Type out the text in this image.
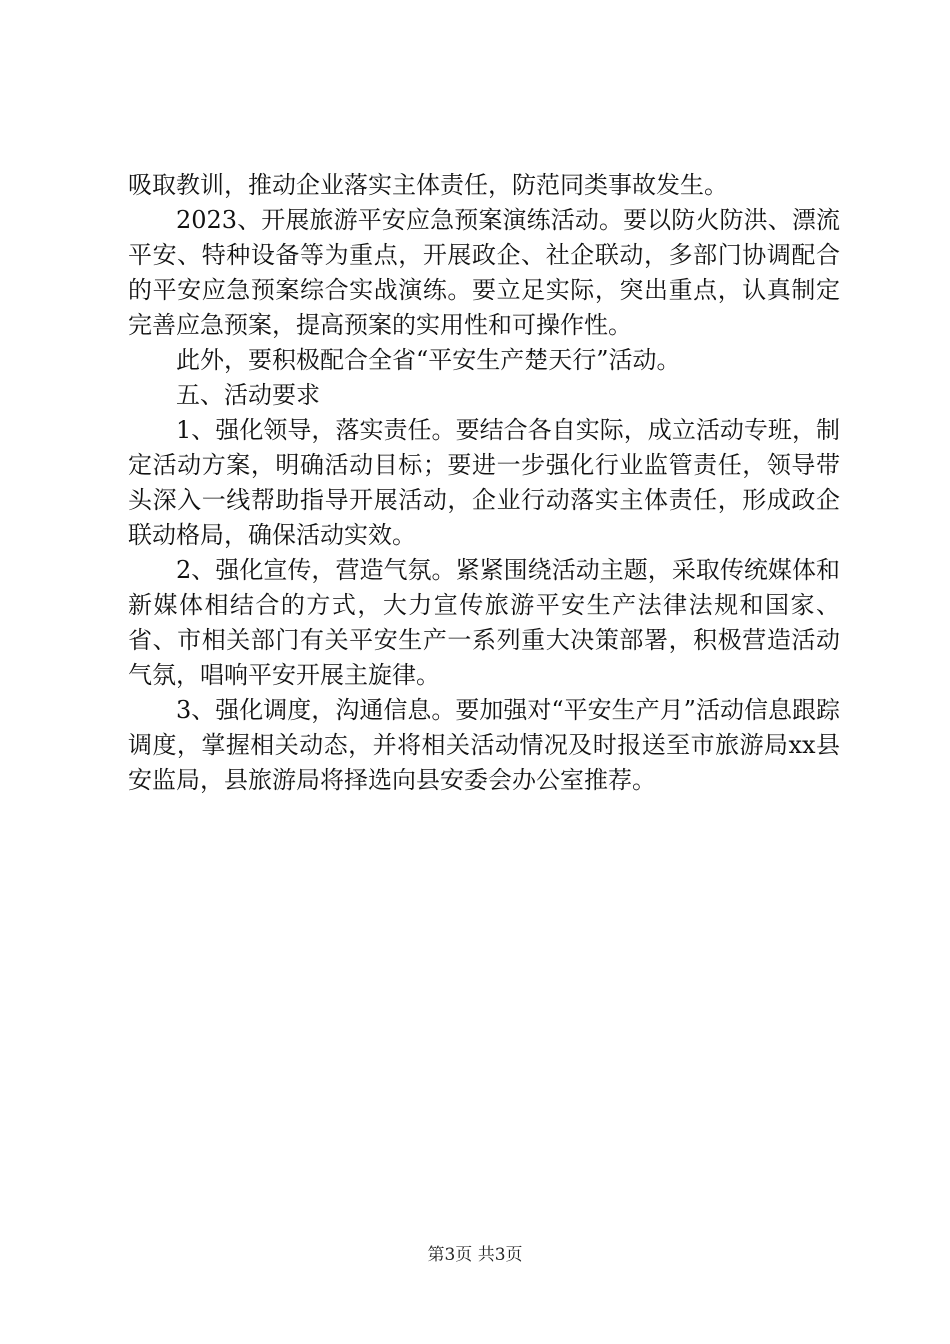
吸取教训，推动企业落实主体责任，防范同类事故发生。

2023、开展旅游平安应急预案演练活动。要以防火防洪、漂流平安、特种设备等为重点，开展政企、社企联动，多部门协调配合的平安应急预案综合实战演练。要立足实际，突出重点，认真制定完善应急预案，提高预案的实用性和可操作性。

此外，要积极配合全省“平安生产楚天行”活动。

五、活动要求

1、强化领导，落实责任。要结合各自实际，成立活动专班，制定活动方案，明确活动目标；要进一步强化行业监管责任，领导带头深入一线帮助指导开展活动，企业行动落实主体责任，形成政企联动格局，确保活动实效。

2、强化宣传，营造气氛。紧紧围绕活动主题，采取传统媒体和新媒体相结合的方式，大力宣传旅游平安生产法律法规和国家、省、市相关部门有关平安生产一系列重大决策部署，积极营造活动气氛，唱响平安开展主旋律。

3、强化调度，沟通信息。要加强对“平安生产月”活动信息跟踪调度，掌握相关动态，并将相关活动情况及时报送至市旅游局xx县安监局，县旅游局将择选向县安委会办公室推荐。

第3页 共3页
